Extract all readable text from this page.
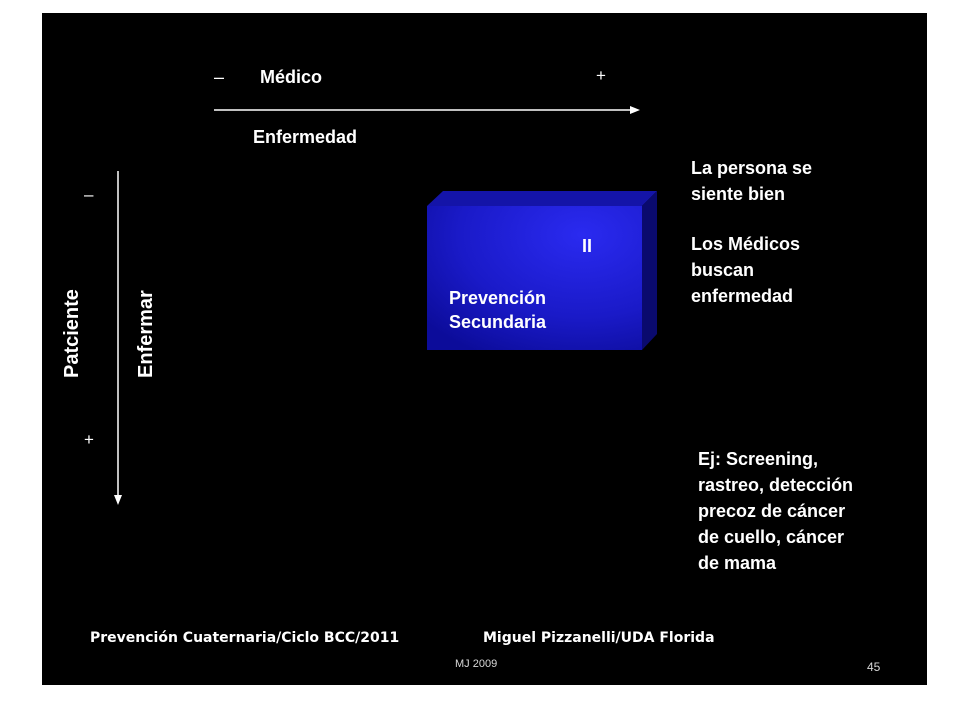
– Médico	+
Enfermedad
–
+
Patciente	Enfermar
II
Prevención
Secundaria
La persona se
siente bien
Los Médicos
buscan
enfermedad
Ej: Screening,
rastreo, detección
precoz de cáncer
de cuello, cáncer
de mama
Prevención Cuaternaria/Ciclo BCC/2011	Miguel Pizzanelli/UDA Florida
MJ 2009	45
